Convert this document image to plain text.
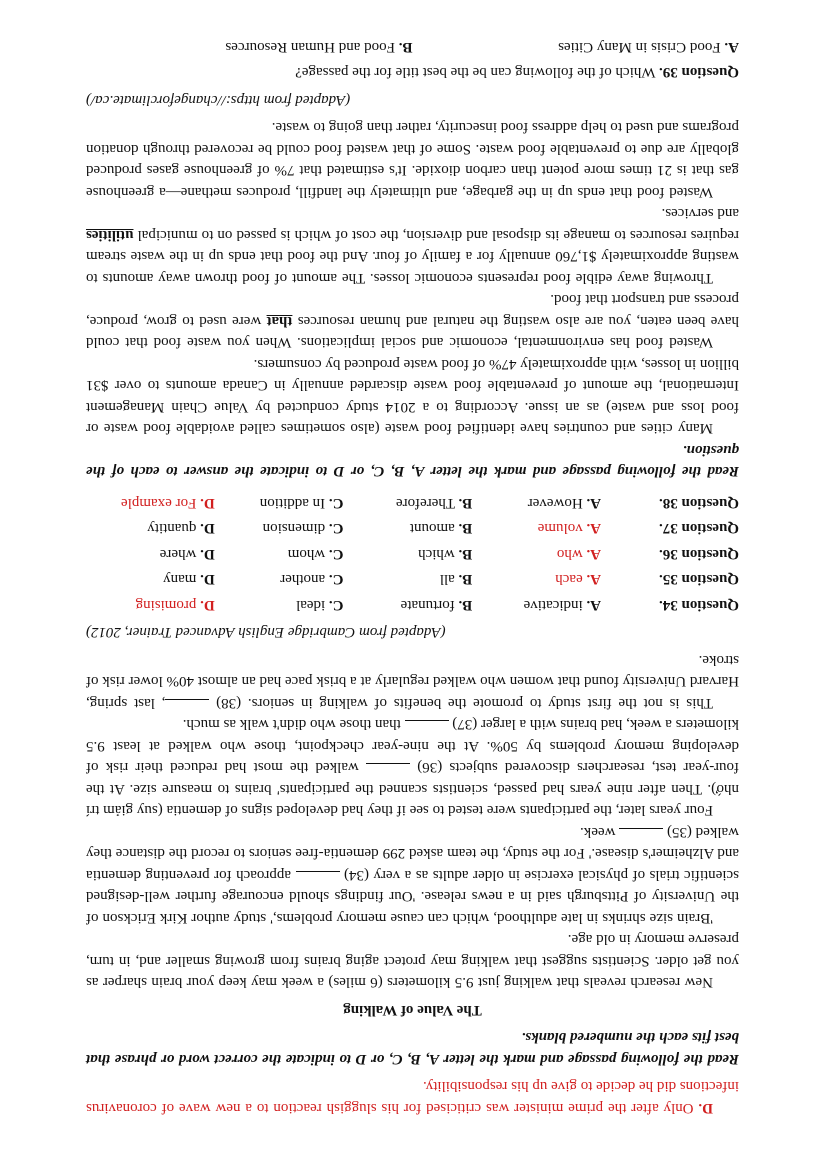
D. Only after the prime minister was criticised for his sluggish reaction to a new wave of coronavirus infections did he decide to give up his responsibility.

Read the following passage and mark the letter A, B, C, or D to indicate the correct word or phrase that best fits each the numbered blanks.

The Value of Walking

New research reveals that walking just 9.5 kilometers (6 miles) a week may keep your brain sharper as you get older. Scientists suggest that walking may protect aging brains from growing smaller and, in turn, preserve memory in old age.

'Brain size shrinks in late adulthood, which can cause memory problems,' study author Kirk Erickson of the University of Pittsburgh said in a news release. 'Our findings should encourage further well-designed scientific trials of physical exercise in older adults as a very (34)  approach for preventing dementia and Alzheimer's disease.' For the study, the team asked 299 dementia-free seniors to record the distance they walked (35)  week.

Four years later, the participants were tested to see if they had developed signs of dementia (suy giảm trí nhớ). Then after nine years had passed, scientists scanned the participants' brains to measure size. At the four-year test, researchers discovered subjects (36)  walked the most had reduced their risk of developing memory problems by 50%. At the nine-year checkpoint, those who walked at least 9.5 kilometers a week, had brains with a larger (37)  than those who didn't walk as much.

This is not the first study to promote the benefits of walking in seniors. (38) , last spring, Harvard University found that women who walked regularly at a brisk pace had an almost 40% lower risk of stroke.

(Adapted from Cambridge English Advanced Trainer, 2012)

Question 34.
A. indicative
B. fortunate
C. ideal
D. promising
Question 35.
A. each
B. all
C. another
D. many
Question 36.
A. who
B. which
C. whom
D. where
Question 37.
A. volume
B. amount
C. dimension
D. quantity
Question 38.
A. However
B. Therefore
C. In addition
D. For example

Read the following passage and mark the letter A, B, C, or D to indicate the answer to each of the question.

Many cities and countries have identified food waste (also sometimes called avoidable food waste or food loss and waste) as an issue. According to a 2014 study conducted by Value Chain Management International, the amount of preventable food waste discarded annually in Canada amounts to over $31 billion in losses, with approximately 47% of food waste produced by consumers.

Wasted food has environmental, economic and social implications. When you waste food that could have been eaten, you are also wasting the natural and human resources that were used to grow, produce, process and transport that food.

Throwing away edible food represents economic losses. The amount of food thrown away amounts to wasting approximately $1,760 annually for a family of four. And the food that ends up in the waste stream requires resources to manage its disposal and diversion, the cost of which is passed on to municipal utilities and services.

Wasted food that ends up in the garbage, and ultimately the landfill, produces methane—a greenhouse gas that is 21 times more potent than carbon dioxide. It's estimated that 7% of greenhouse gases produced globally are due to preventable food waste. Some of that wasted food could be recovered through donation programs and used to help address food insecurity, rather than going to waste.

(Adapted from https://changeforclimate.ca/)

Question 39. Which of the following can be the best title for the passage?

A. Food Crisis in Many Cities
B. Food and Human Resources
